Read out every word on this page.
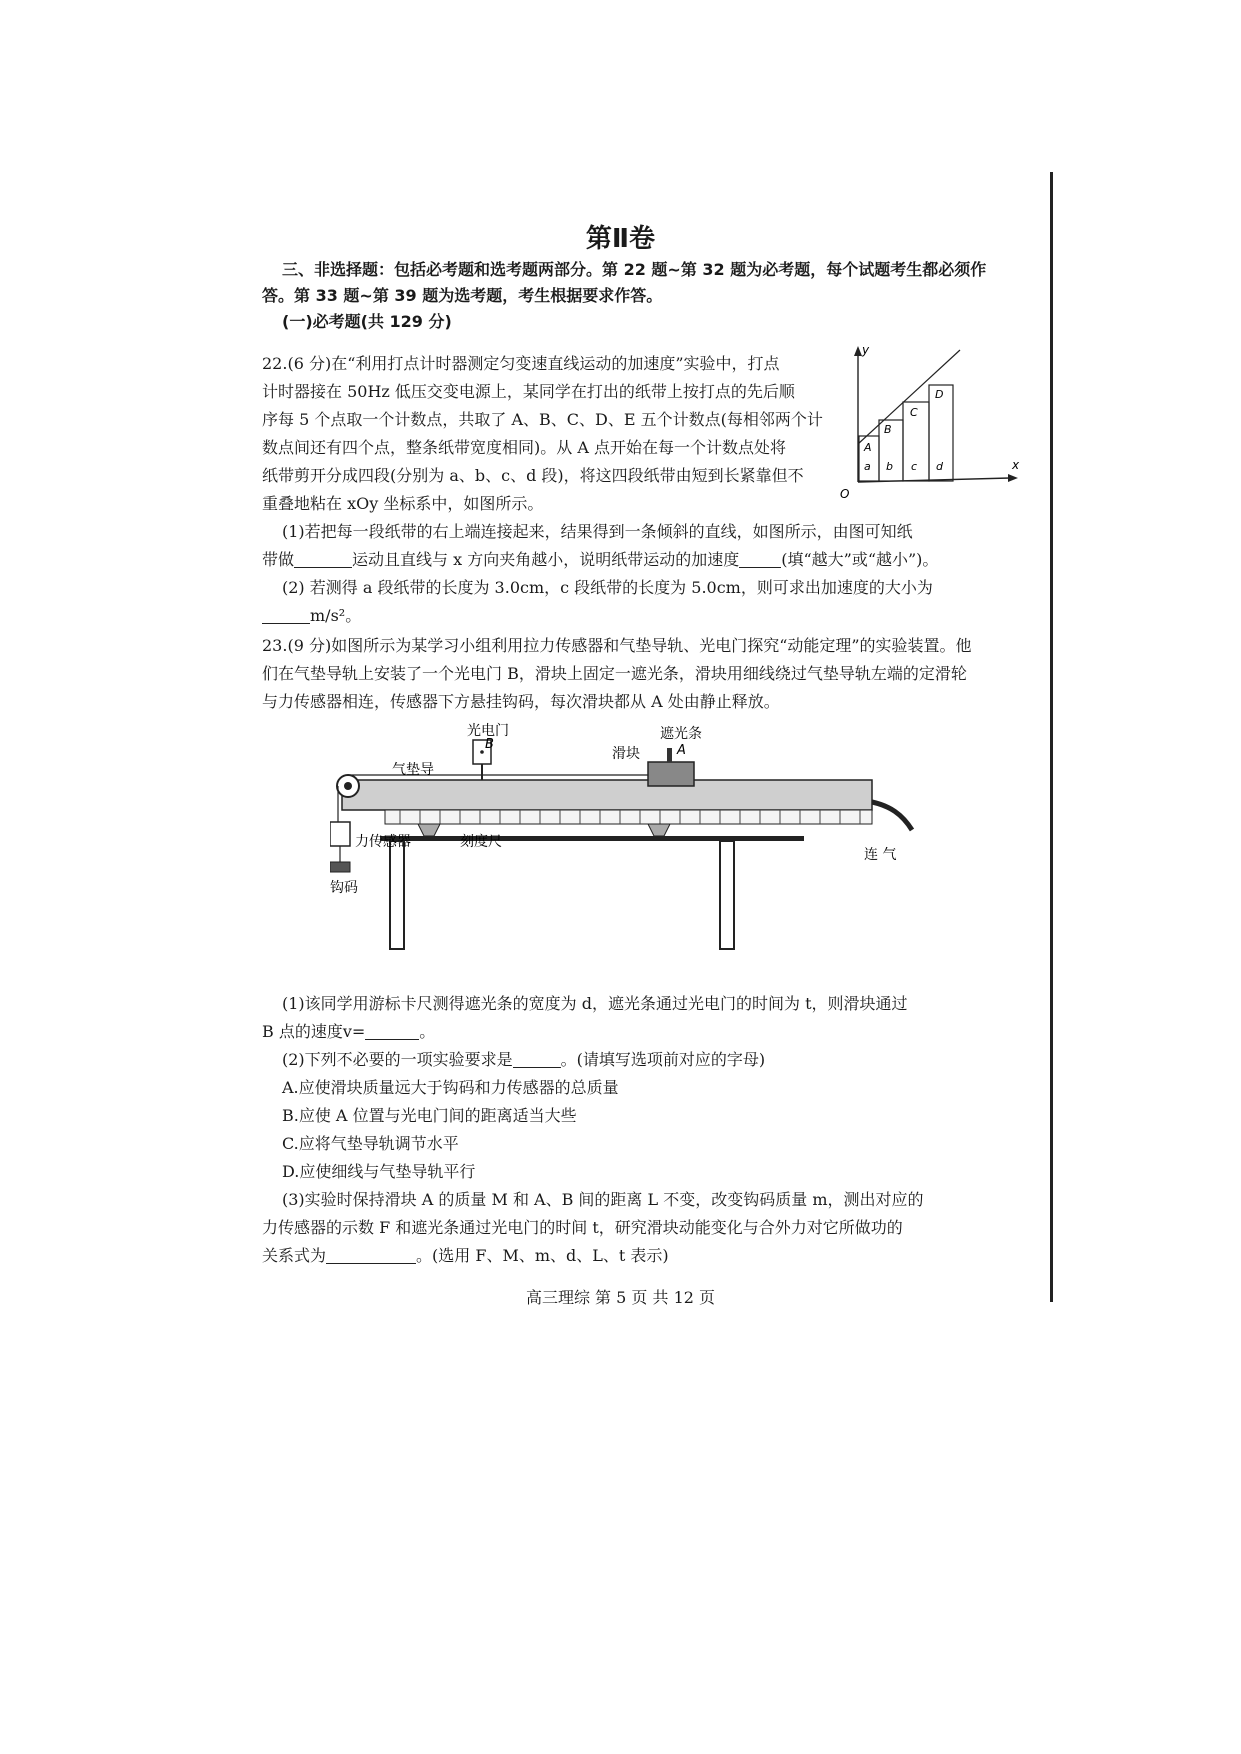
第Ⅱ卷
三、非选择题：包括必考题和选考题两部分。第 22 题~第 32 题为必考题，每个试题考生都必须作
答。第 33 题~第 39 题为选考题，考生根据要求作答。
(一)必考题(共 129 分)
22.(6 分)在“利用打点计时器测定匀变速直线运动的加速度”实验中，打点
计时器接在 50Hz 低压交变电源上，某同学在打出的纸带上按打点的先后顺
序每 5 个点取一个计数点，共取了 A、B、C、D、E 五个计数点(每相邻两个计
数点间还有四个点，整条纸带宽度相同)。从 A 点开始在每一个计数点处将
纸带剪开分成四段(分别为 a、b、c、d 段)，将这四段纸带由短到长紧靠但不
重叠地粘在 xOy 坐标系中，如图所示。
y
x
O
A
B
C
D
a b c d
(1)若把每一段纸带的右上端连接起来，结果得到一条倾斜的直线，如图所示，由图可知纸
带做	运动且直线与 x 方向夹角越小，说明纸带运动的加速度	(填“越大”或“越小”)。
(2) 若测得 a 段纸带的长度为 3.0cm，c 段纸带的长度为 5.0cm，则可求出加速度的大小为
m/s²。
23.(9 分)如图所示为某学习小组利用拉力传感器和气垫导轨、光电门探究“动能定理”的实验装置。他
们在气垫导轨上安装了一个光电门 B，滑块上固定一遮光条，滑块用细线绕过气垫导轨左端的定滑轮
与力传感器相连，传感器下方悬挂钩码，每次滑块都从 A 处由静止释放。
光电门
B
遮光条
A
滑块
气垫导
力传感器	刻度尺
连 气
钩码
(1)该同学用游标卡尺测得遮光条的宽度为 d，遮光条通过光电门的时间为 t，则滑块通过
B 点的速度v=	。
(2)下列不必要的一项实验要求是	。(请填写选项前对应的字母)
A.应使滑块质量远大于钩码和力传感器的总质量
B.应使 A 位置与光电门间的距离适当大些
C.应将气垫导轨调节水平
D.应使细线与气垫导轨平行
(3)实验时保持滑块 A 的质量 M 和 A、B 间的距离 L 不变，改变钩码质量 m，测出对应的
力传感器的示数 F 和遮光条通过光电门的时间 t，研究滑块动能变化与合外力对它所做功的
关系式为	。(选用 F、M、m、d、L、t 表示)
高三理综 第 5 页 共 12 页
